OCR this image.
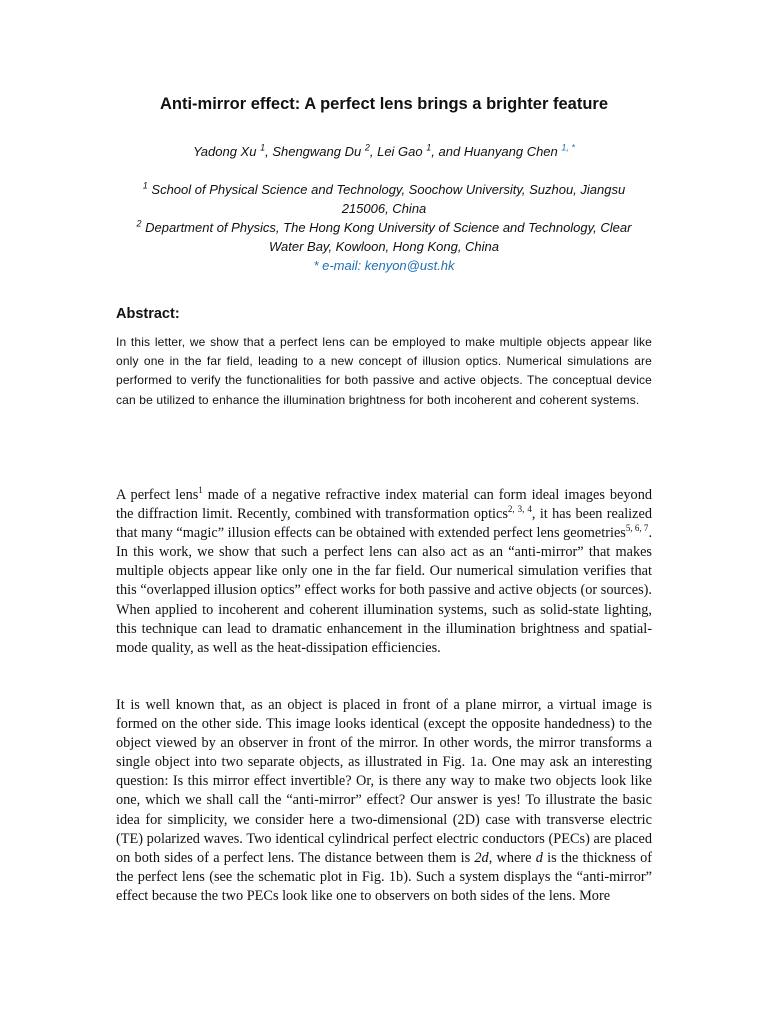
Anti-mirror effect: A perfect lens brings a brighter feature
Yadong Xu $^1$, Shengwang Du $^2$, Lei Gao $^1$, and Huanyang Chen $^{1, *}$

$^1$ School of Physical Science and Technology, Soochow University, Suzhou, Jiangsu

215006, China

$^2$ Department of Physics, The Hong Kong University of Science and Technology, Clear

Water Bay, Kowloon, Hong Kong, China

* e-mail: kenyon@ust.hk

Abstract:

In this letter, we show that a perfect lens can be employed to make multiple objects appear like only one in the far field, leading to a new concept of illusion optics. Numerical simulations are performed to verify the functionalities for both passive and active objects. The conceptual device can be utilized to enhance the illumination brightness for both incoherent and coherent systems.

A perfect lens$^1$ made of a negative refractive index material can form ideal images beyond the diffraction limit. Recently, combined with transformation optics$^{2, 3, 4}$, it has been realized that many “magic” illusion effects can be obtained with extended perfect lens geometries$^{5, 6, 7}$. In this work, we show that such a perfect lens can also act as an “anti-mirror” that makes multiple objects appear like only one in the far field. Our numerical simulation verifies that this “overlapped illusion optics” effect works for both passive and active objects (or sources). When applied to incoherent and coherent illumination systems, such as solid-state lighting, this technique can lead to dramatic enhancement in the illumination brightness and spatial-mode quality, as well as the heat-dissipation efficiencies.

It is well known that, as an object is placed in front of a plane mirror, a virtual image is formed on the other side. This image looks identical (except the opposite handedness) to the object viewed by an observer in front of the mirror. In other words, the mirror transforms a single object into two separate objects, as illustrated in Fig. 1a. One may ask an interesting question: Is this mirror effect invertible? Or, is there any way to make two objects look like one, which we shall call the “anti-mirror” effect? Our answer is yes! To illustrate the basic idea for simplicity, we consider here a two-dimensional (2D) case with transverse electric (TE) polarized waves. Two identical cylindrical perfect electric conductors (PECs) are placed on both sides of a perfect lens. The distance between them is 2d, where d is the thickness of the perfect lens (see the schematic plot in Fig. 1b). Such a system displays the “anti-mirror” effect because the two PECs look like one to observers on both sides of the lens. More
